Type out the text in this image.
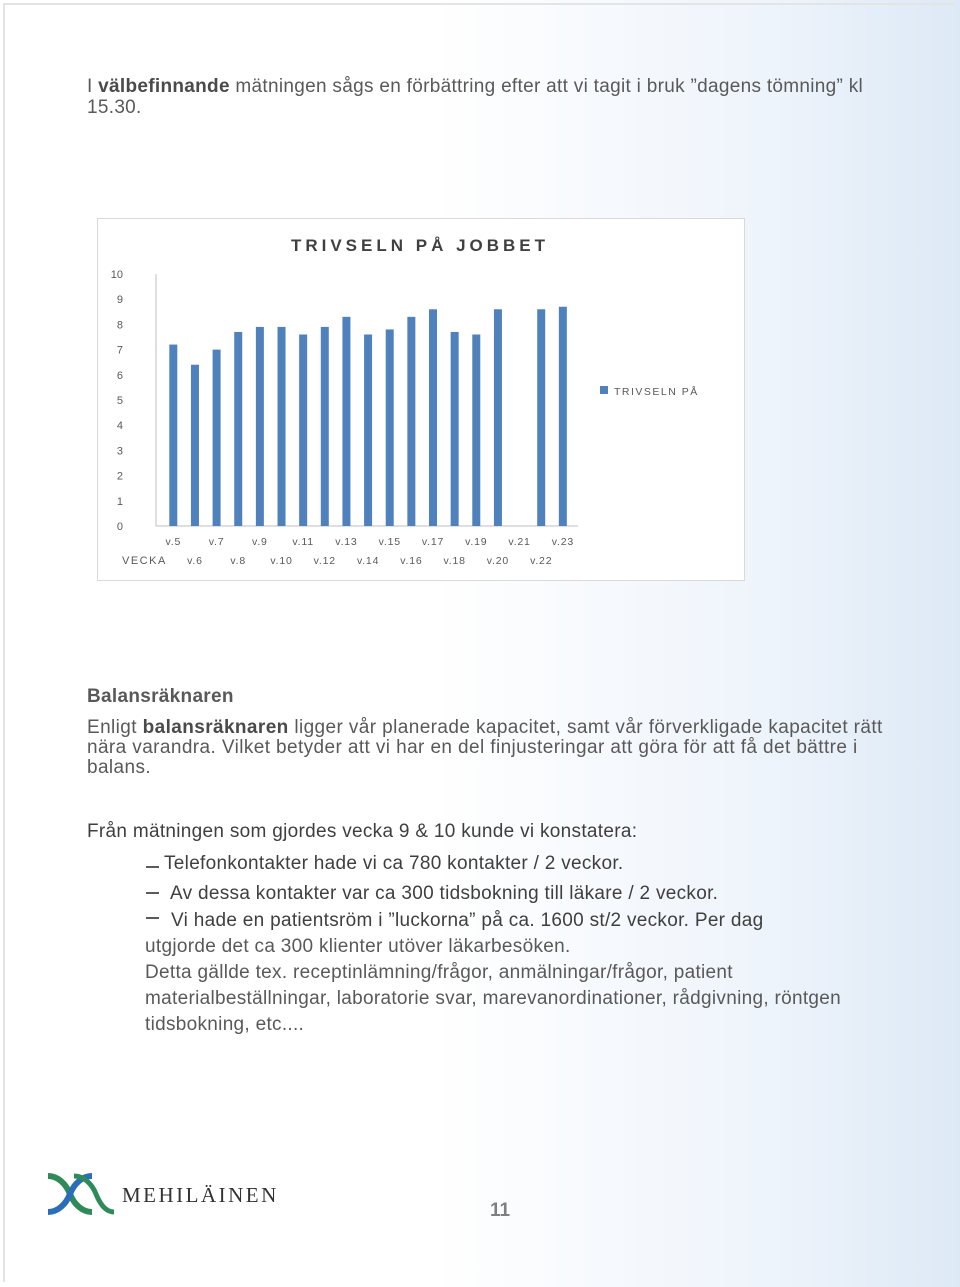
I välbefinnande mätningen sågs en förbättring efter att vi tagit i bruk ”dagens tömning” kl 15.30.

TRIVSELN PÅ JOBBET
0
1
2
3
4
5
6
7
8
9
10
v.5
v.6
v.7
v.8
v.9
v.10
v.11
v.12
v.13
v.14
v.15
v.16
v.17
v.18
v.19
v.20
v.21
v.22
v.23
VECKA
TRIVSELN PÅ
Balansräknaren

Enligt balansräknaren ligger vår planerade kapacitet, samt vår förverkligade kapacitet rätt nära varandra. Vilket betyder att vi har en del finjusteringar att göra för att få det bättre i balans.

Från mätningen som gjordes vecka 9 & 10 kunde vi konstatera:
Telefonkontakter hade vi ca 780 kontakter / 2 veckor.
Av dessa kontakter var ca 300 tidsbokning till läkare / 2 veckor.
Vi hade en patientsröm i ”luckorna” på ca. 1600 st/2 veckor. Per dag
utgjorde det ca 300 klienter utöver läkarbesöken.
Detta gällde tex. receptinlämning/frågor, anmälningar/frågor, patient materialbeställningar, laboratorie svar, marevanordinationer, rådgivning, röntgen tidsbokning, etc....
MEHILÄINEN
11
